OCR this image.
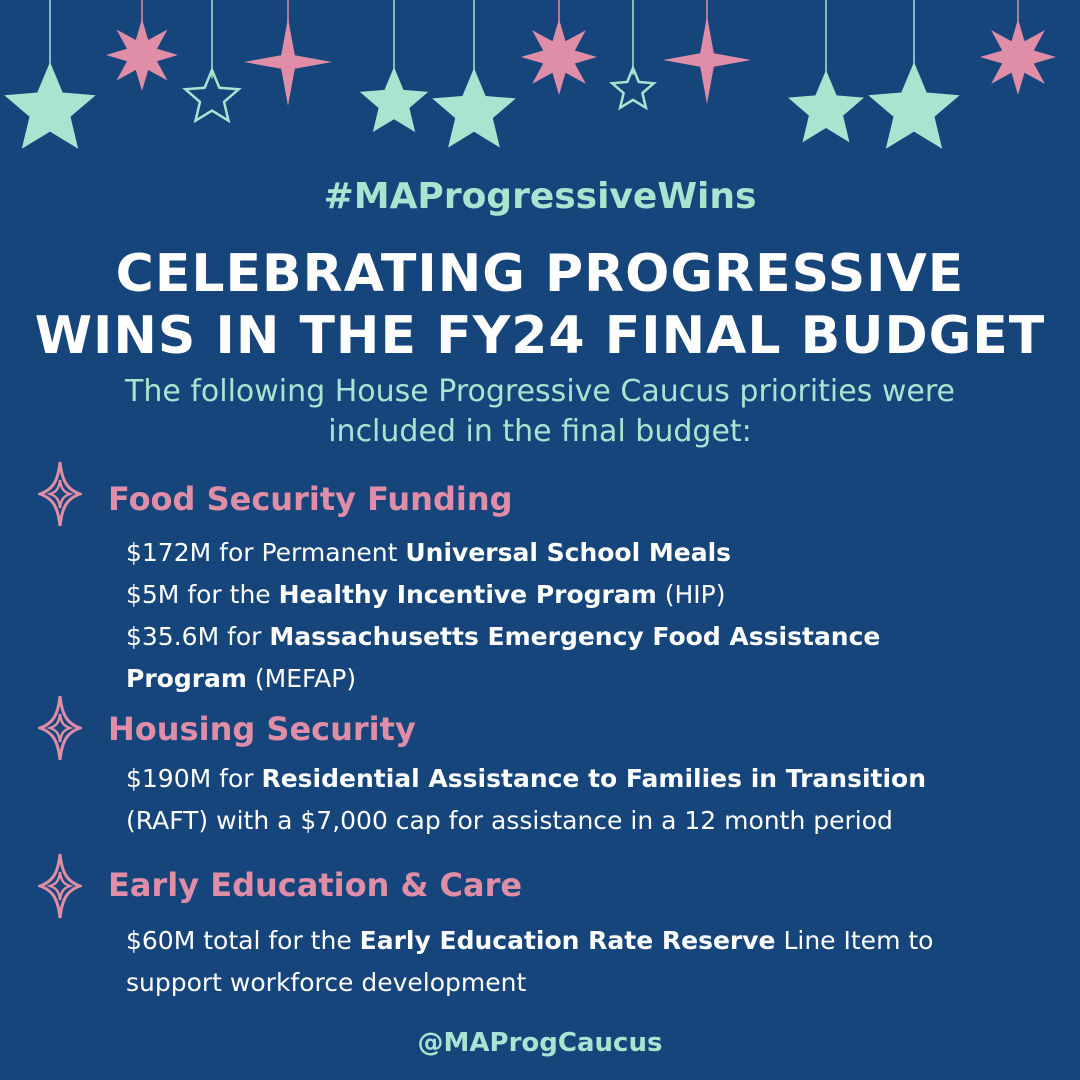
#MAProgressiveWins
CELEBRATING PROGRESSIVE
WINS IN THE FY24 FINAL BUDGET
The following House Progressive Caucus priorities were
included in the final budget:
Food Security Funding
$172M for Permanent Universal School Meals
$5M for the Healthy Incentive Program (HIP)
$35.6M for Massachusetts Emergency Food Assistance
Program (MEFAP)
Housing Security
$190M for Residential Assistance to Families in Transition
(RAFT) with a $7,000 cap for assistance in a 12 month period
Early Education & Care
$60M total for the Early Education Rate Reserve Line Item to
support workforce development
@MAProgCaucus
